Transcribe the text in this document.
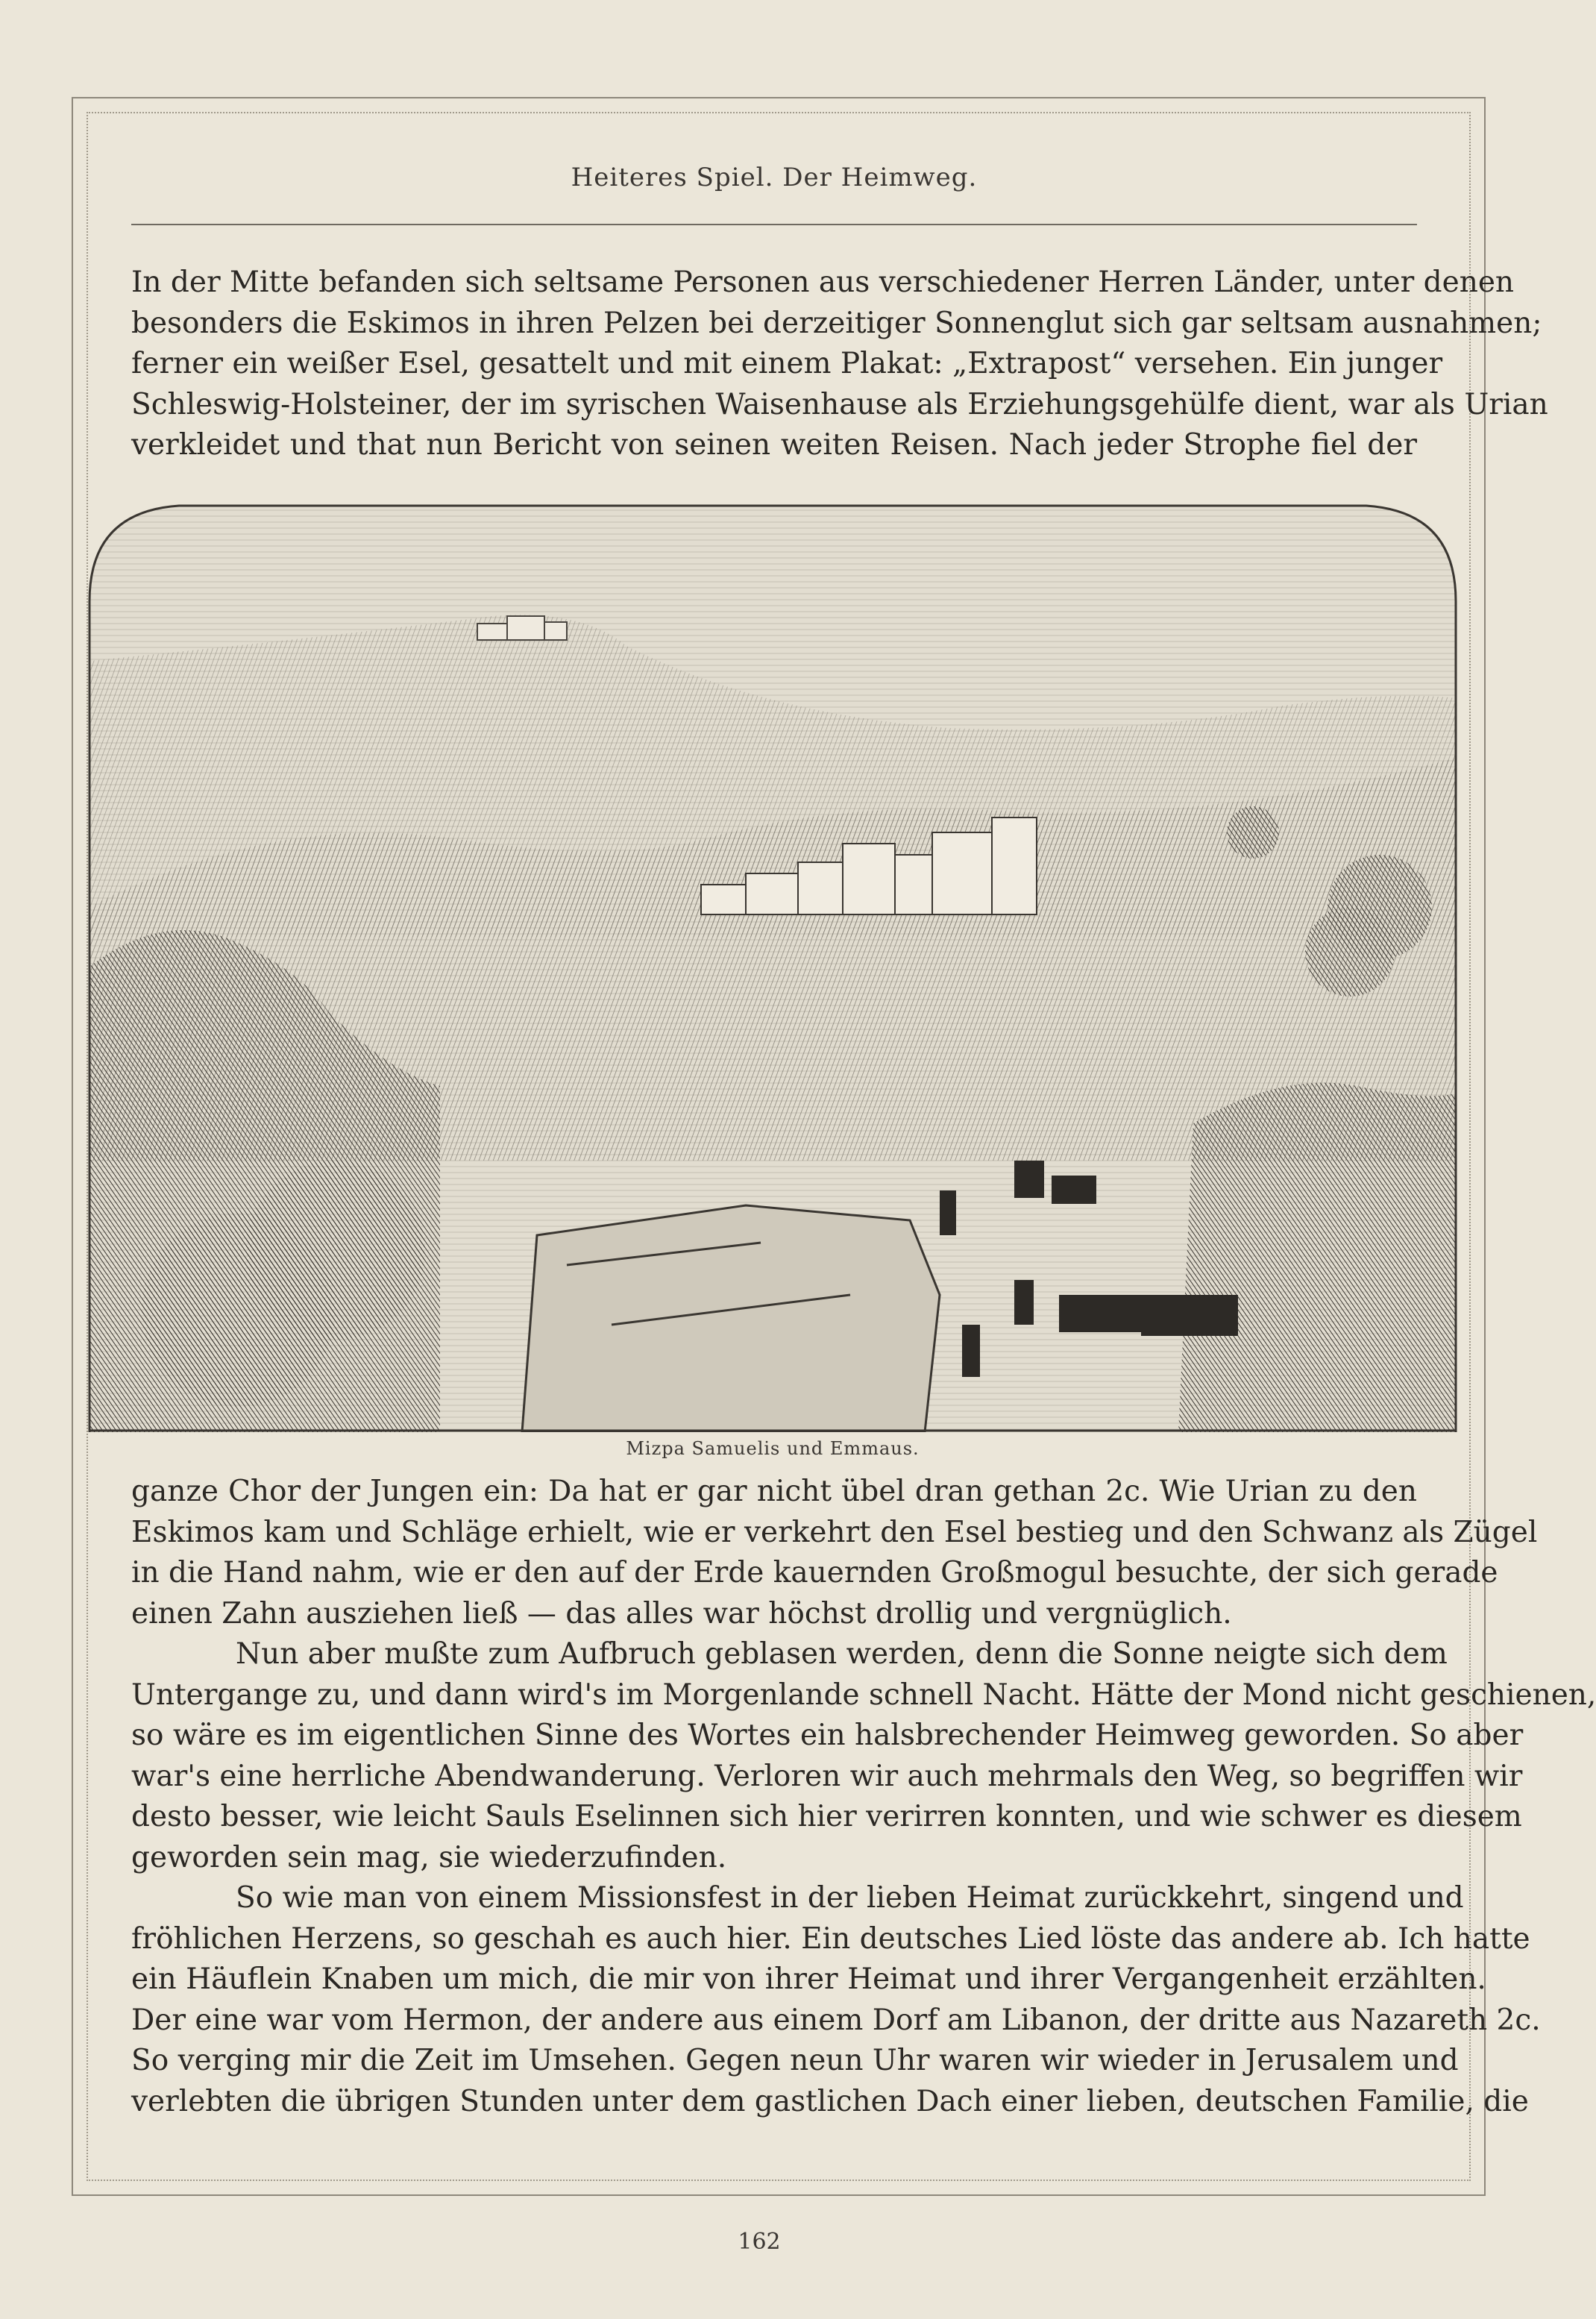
Heiteres Spiel. Der Heimweg.
In der Mitte befanden sich seltsame Personen aus verschiedener Herren Länder, unter denen
besonders die Eskimos in ihren Pelzen bei derzeitiger Sonnenglut sich gar seltsam ausnahmen;
ferner ein weißer Esel, gesattelt und mit einem Plakat: „Extrapost“ versehen. Ein junger
Schleswig-Holsteiner, der im syrischen Waisenhause als Erziehungsgehülfe dient, war als Urian
verkleidet und that nun Bericht von seinen weiten Reisen. Nach jeder Strophe fiel der
Mizpa Samuelis und Emmaus.
ganze Chor der Jungen ein: Da hat er gar nicht übel dran gethan 2c. Wie Urian zu den
Eskimos kam und Schläge erhielt, wie er verkehrt den Esel bestieg und den Schwanz als Zügel
in die Hand nahm, wie er den auf der Erde kauernden Großmogul besuchte, der sich gerade
einen Zahn ausziehen ließ — das alles war höchst drollig und vergnüglich.
Nun aber mußte zum Aufbruch geblasen werden, denn die Sonne neigte sich dem
Untergange zu, und dann wird's im Morgenlande schnell Nacht. Hätte der Mond nicht geschienen,
so wäre es im eigentlichen Sinne des Wortes ein halsbrechender Heimweg geworden. So aber
war's eine herrliche Abendwanderung. Verloren wir auch mehrmals den Weg, so begriffen wir
desto besser, wie leicht Sauls Eselinnen sich hier verirren konnten, und wie schwer es diesem
geworden sein mag, sie wiederzufinden.
So wie man von einem Missionsfest in der lieben Heimat zurückkehrt, singend und
fröhlichen Herzens, so geschah es auch hier. Ein deutsches Lied löste das andere ab. Ich hatte
ein Häuflein Knaben um mich, die mir von ihrer Heimat und ihrer Vergangenheit erzählten.
Der eine war vom Hermon, der andere aus einem Dorf am Libanon, der dritte aus Nazareth 2c.
So verging mir die Zeit im Umsehen. Gegen neun Uhr waren wir wieder in Jerusalem und
verlebten die übrigen Stunden unter dem gastlichen Dach einer lieben, deutschen Familie, die
162
